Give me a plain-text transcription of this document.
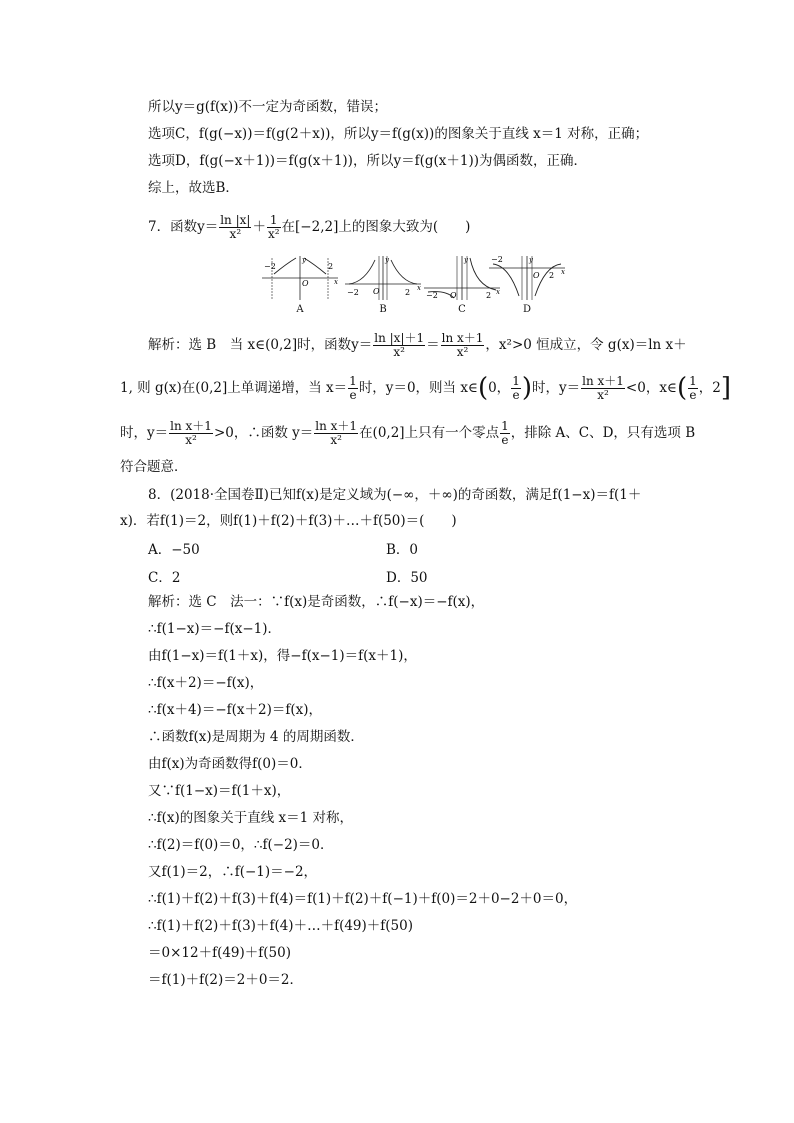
所以y＝g(f(x))不一定为奇函数，错误；
选项C，f(g(−x))＝f(g(2＋x))，所以y＝f(g(x))的图象关于直线 x＝1 对称，正确；
选项D，f(g(−x＋1))＝f(g(x＋1))，所以y＝f(g(x＋1))为偶函数，正确．
综上，故选B．
7．函数$y= \frac{\ln |x|}{\text{x²}} + \frac{1}{\text{x²}}$ 在[−2,2]上的图象大致为(　　)
−2	2
O	x
y
−2	2
O	x
y
−2	2
O	x
y	−2
2
O	x
y
A	B	C	D
解析：选 B　当 x∈(0,2]时，函数$y= \frac{\ln |x|+1}{\text{x²}} = \frac{\text{ln x＋1}}{\text{x²}}$ ，x²>0 恒成立，令 g(x)＝ln x＋
1, 则 g(x)在(0,2]上单调递增，当 $x= \frac{1}{e}$ 时，y＝0，则当 x∈(0， $\frac{1}{e}$ )时，$y= \frac{\text{ln x＋1}}{\text{x²}} <0$，x∈( $\frac{1}{e}$ ，2]
时，$y= \frac{\text{ln x＋1}}{\text{x²}} >0$，∴函数 $y= \frac{\text{ln x＋1}}{\text{x²}}$ 在(0,2]上只有一个零点 $\frac{1}{e}$ ，排除 A、C、D，只有选项 B
符合题意．
8．(2018·全国卷Ⅱ)已知f(x)是定义域为(−∞，＋∞)的奇函数，满足f(1−x)＝f(1＋
x)．若f(1)＝2，则f(1)＋f(2)＋f(3)＋…＋f(50)＝(　　)
A．−50	B．0
C．2	D．50
解析：选 C　法一：∵f(x)是奇函数，∴f(−x)＝−f(x)，
∴f(1−x)＝−f(x−1)．
由f(1−x)＝f(1＋x)，得−f(x−1)＝f(x＋1)，
∴f(x＋2)＝−f(x)，
∴f(x＋4)＝−f(x＋2)＝f(x)，
∴函数f(x)是周期为 4 的周期函数．
由f(x)为奇函数得f(0)＝0．
又∵f(1−x)＝f(1＋x)，
∴f(x)的图象关于直线 x＝1 对称，
∴f(2)＝f(0)＝0，∴f(−2)＝0．
又f(1)＝2，∴f(−1)＝−2，
∴f(1)＋f(2)＋f(3)＋f(4)＝f(1)＋f(2)＋f(−1)＋f(0)＝2＋0−2＋0＝0，
∴f(1)＋f(2)＋f(3)＋f(4)＋…＋f(49)＋f(50)
＝0×12＋f(49)＋f(50)
＝f(1)＋f(2)＝2＋0＝2．
